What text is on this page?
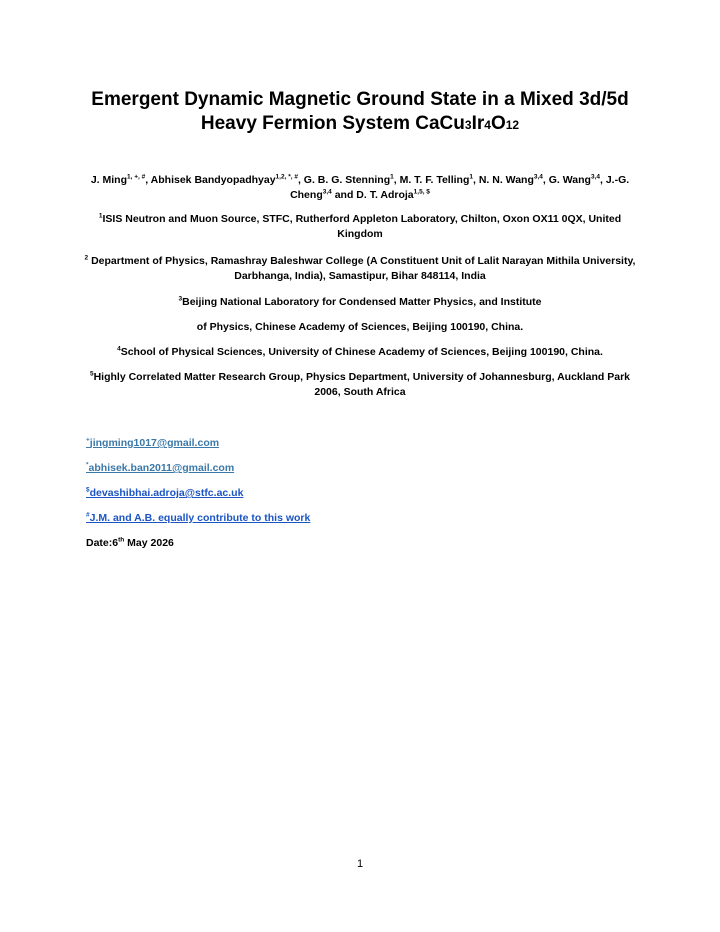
Emergent Dynamic Magnetic Ground State in a Mixed 3d/5d
Heavy Fermion System CaCu3Ir4O12
J. Ming$^{1, +, \#}$, Abhisek Bandyopadhyay$^{1,2, *, \#}$, G. B. G. Stenning$^1$, M. T. F. Telling$^1$, N. N. Wang$^{3,4}$, G. Wang$^{3,4}$, J.-G. Cheng$^{3,4}$ and D. T. Adroja$^{1,5, \$}$
$^1$ISIS Neutron and Muon Source, STFC, Rutherford Appleton Laboratory, Chilton, Oxon OX11 0QX, United Kingdom
$^2$ Department of Physics, Ramashray Baleshwar College (A Constituent Unit of Lalit Narayan Mithila University, Darbhanga, India), Samastipur, Bihar 848114, India
$^3$Beijing National Laboratory for Condensed Matter Physics, and Institute
of Physics, Chinese Academy of Sciences, Beijing 100190, China.
$^4$School of Physical Sciences, University of Chinese Academy of Sciences, Beijing 100190, China.
$^5$Highly Correlated Matter Research Group, Physics Department, University of Johannesburg, Auckland Park 2006, South Africa
+jingming1017@gmail.com
*abhisek.ban2011@gmail.com
$devashibhai.adroja@stfc.ac.uk
#J.M. and A.B. equally contribute to this work
Date:6th May 2026
1
